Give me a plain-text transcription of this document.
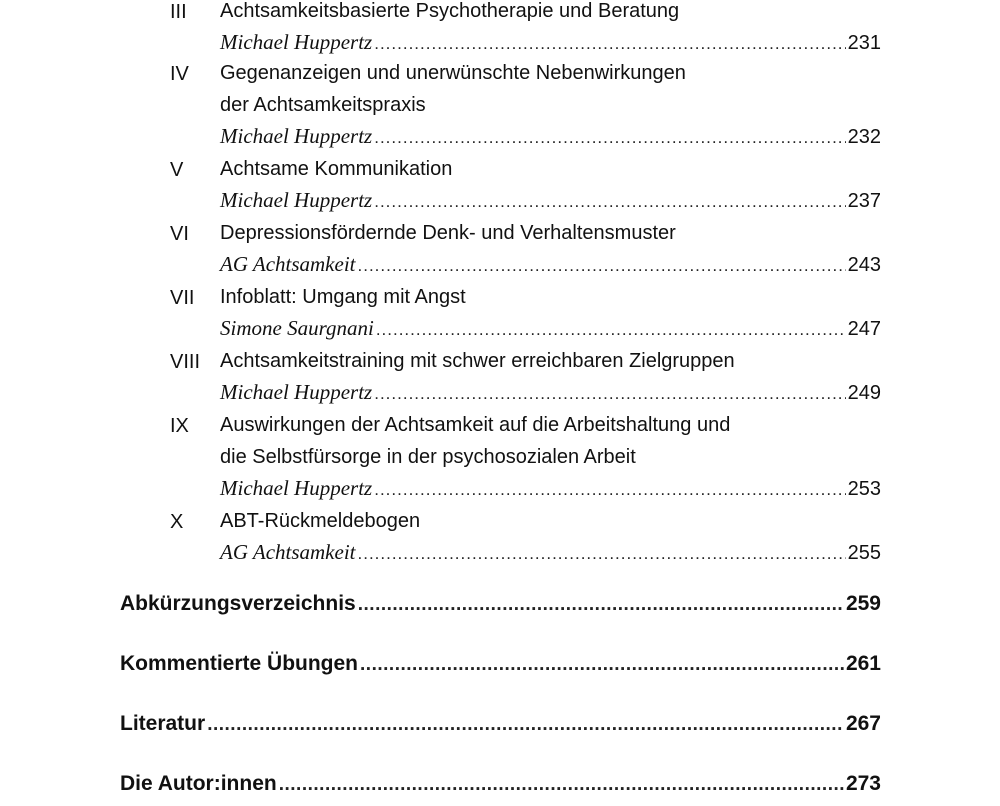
III Achtsamkeitsbasierte Psychotherapie und Beratung
Michael Huppertz .....	231
IV Gegenanzeigen und unerwünschte Nebenwirkungen
der Achtsamkeitspraxis
Michael Huppertz .....	232
V Achtsame Kommunikation
Michael Huppertz .....	237
VI Depressionsfördernde Denk- und Verhaltensmuster
AG Achtsamkeit .....	243
VII Infoblatt: Umgang mit Angst
Simone Saurgnani .....	247
VIII Achtsamkeitstraining mit schwer erreichbaren Zielgruppen
Michael Huppertz .....	249
IX Auswirkungen der Achtsamkeit auf die Arbeitshaltung und
die Selbstfürsorge in der psychosozialen Arbeit
Michael Huppertz .....	253
X ABT-Rückmeldebogen
AG Achtsamkeit .....	255
Abkürzungsverzeichnis .....	259
Kommentierte Übungen .....	261
Literatur .....	267
Die Autor:innen .....	273
